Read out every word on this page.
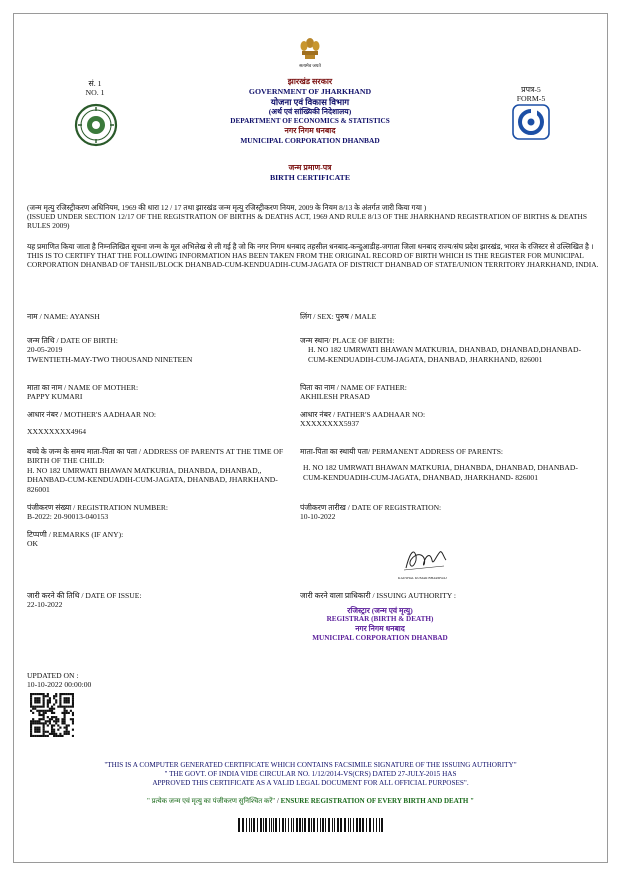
सं. 1
NO. 1
सत्यमेव जयते
झारखंड सरकार
GOVERNMENT OF JHARKHAND
योजना एवं विकास विभाग
(अर्थ एवं सांख्यिकी निदेशालय)
DEPARTMENT OF ECONOMICS & STATISTICS
नगर निगम धनबाद
MUNICIPAL CORPORATION DHANBAD
प्रपत्र-5
FORM-5
जन्म प्रमाण-पत्र
BIRTH CERTIFICATE
(जन्म मृत्यु रजिस्ट्रीकरण अधिनियम, 1969 की धारा 12 / 17 तथा झारखंड जन्म मृत्यु रजिस्ट्रीकरण नियम, 2009 के नियम 8/13 के अंतर्गत जारी किया गया )
(ISSUED UNDER SECTION 12/17 OF THE REGISTRATION OF BIRTHS & DEATHS ACT, 1969 AND RULE 8/13 OF THE JHARKHAND REGISTRATION OF BIRTHS & DEATHS RULES 2009)
यह प्रमाणित किया जाता है निम्नलिखित सूचना जन्म के मूल अभिलेख से ली गई है जो कि नगर निगम धनबाद तहसील धनबाद-कन्दुआडीह-जगाता जिला धनबाद राज्य/संघ प्रदेश झारखंड, भारत के रजिस्टर से उल्लिखित है ।
THIS IS TO CERTIFY THAT THE FOLLOWING INFORMATION HAS BEEN TAKEN FROM THE ORIGINAL RECORD OF BIRTH WHICH IS THE REGISTER FOR MUNICIPAL CORPORATION DHANBAD OF TAHSIL/BLOCK DHANBAD-CUM-KENDUADIH-CUM-JAGATA OF DISTRICT DHANBAD OF STATE/UNION TERRITORY JHARKHAND, INDIA.
नाम / NAME: AYANSH	लिंग / SEX: पुरुष / MALE
जन्म तिथि / DATE OF BIRTH:
20-05-2019
TWENTIETH-MAY-TWO THOUSAND NINETEEN
जन्म स्थान/ PLACE OF BIRTH:
H. NO 182 UMRWATI BHAWAN MATKURIA, DHANBAD, DHANBAD,DHANBAD-CUM-KENDUADIH-CUM-JAGATA, DHANBAD, JHARKHAND, 826001
माता का नाम / NAME OF MOTHER:
PAPPY KUMARI
पिता का नाम / NAME OF FATHER:
AKHILESH PRASAD
आधार नंबर / MOTHER'S AADHAAR NO:
XXXXXXXX4964
आधार नंबर / FATHER'S AADHAAR NO:
XXXXXXXX5937
बच्चे के जन्म के समय माता-पिता का पता / ADDRESS OF PARENTS AT THE TIME OF BIRTH OF THE CHILD:
H. NO 182 UMRWATI BHAWAN MATKURIA, DHANBDA, DHANBAD,, DHANBAD-CUM-KENDUADIH-CUM-JAGATA, DHANBAD, JHARKHAND- 826001
माता-पिता का स्थायी पता/ PERMANENT ADDRESS OF PARENTS:
H. NO 182 UMRWATI BHAWAN MATKURIA, DHANBDA, DHANBAD, DHANBAD-CUM-KENDUADIH-CUM-JAGATA, DHANBAD, JHARKHAND- 826001
पंजीकरण संख्या / REGISTRATION NUMBER:
B-2022: 20-90013-040153
पंजीकरण तारीख / DATE OF REGISTRATION:
10-10-2022
टिप्पणी / REMARKS (IF ANY):
OK
KAUSHAL KUMAR BHARDWAJ
जारी करने की तिथि / DATE OF ISSUE:
22-10-2022
जारी करने वाला प्राधिकारी / ISSUING AUTHORITY :
रजिस्ट्रार (जन्म एवं मृत्यु)
REGISTRAR (BIRTH & DEATH)
नगर निगम धनबाद
MUNICIPAL CORPORATION DHANBAD
UPDATED ON :
10-10-2022 00:00:00
"THIS IS A COMPUTER GENERATED CERTIFICATE WHICH CONTAINS FACSIMILE SIGNATURE OF THE ISSUING AUTHORITY"
" THE GOVT. OF INDIA VIDE CIRCULAR NO. 1/12/2014-VS(CRS) DATED 27-JULY-2015 HAS
APPROVED THIS CERTIFICATE AS A VALID LEGAL DOCUMENT FOR ALL OFFICIAL PURPOSES".
" प्रत्येक जन्म एवं मृत्यु का पंजीकरण सुनिश्चित करें" / ENSURE REGISTRATION OF EVERY BIRTH AND DEATH "
